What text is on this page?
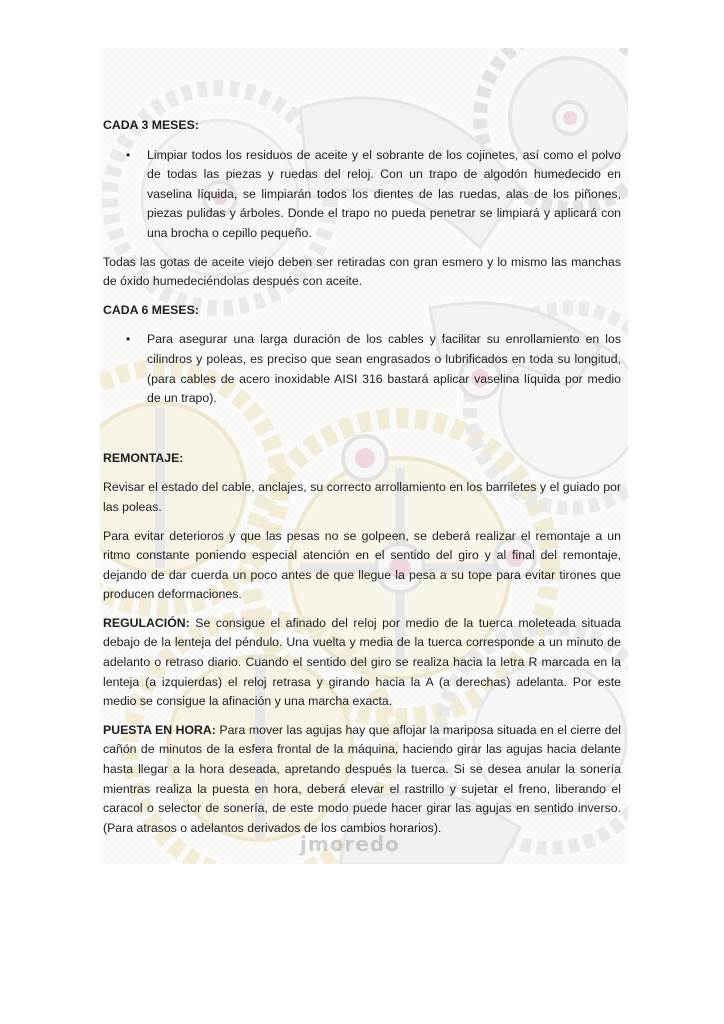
jmoredo
CADA 3 MESES:
• Limpiar todos los residuos de aceite y el sobrante de los cojinetes, así como el polvo de todas las piezas y ruedas del reloj. Con un trapo de algodón humedecido en vaselina líquida, se limpiarán todos los dientes de las ruedas, alas de los piñones, piezas pulidas y árboles. Donde el trapo no pueda penetrar se limpiará y aplicará con una brocha o cepillo pequeño.

Todas las gotas de aceite viejo deben ser retiradas con gran esmero y lo mismo las manchas de óxido humedeciéndolas después con aceite.

CADA 6 MESES:
• Para asegurar una larga duración de los cables y facilitar su enrollamiento en los cilindros y poleas, es preciso que sean engrasados o lubrificados en toda su longitud, (para cables de acero inoxidable AISI 316 bastará aplicar vaselina líquida por medio de un trapo).
REMONTAJE:

Revisar el estado del cable, anclajes, su correcto arrollamiento en los barriletes y el guiado por las poleas.

Para evitar deterioros y que las pesas no se golpeen, se deberá realizar el remontaje a un ritmo constante poniendo especial atención en el sentido del giro y al final del remontaje, dejando de dar cuerda un poco antes de que llegue la pesa a su tope para evitar tirones que producen deformaciones.

REGULACIÓN: Se consigue el afinado del reloj por medio de la tuerca moleteada situada debajo de la lenteja del péndulo. Una vuelta y media de la tuerca corresponde a un minuto de adelanto o retraso diario. Cuando el sentido del giro se realiza hacia la letra R marcada en la lenteja (a izquierdas) el reloj retrasa y girando hacia la A (a derechas) adelanta. Por este medio se consigue la afinación y una marcha exacta.

PUESTA EN HORA: Para mover las agujas hay que aflojar la mariposa situada en el cierre del cañón de minutos de la esfera frontal de la máquina, haciendo girar las agujas hacia delante hasta llegar a la hora deseada, apretando después la tuerca. Si se desea anular la sonería mientras realiza la puesta en hora, deberá elevar el rastrillo y sujetar el freno, liberando el caracol o selector de sonería, de este modo puede hacer girar las agujas en sentido inverso. (Para atrasos o adelantos derivados de los cambios horarios).
